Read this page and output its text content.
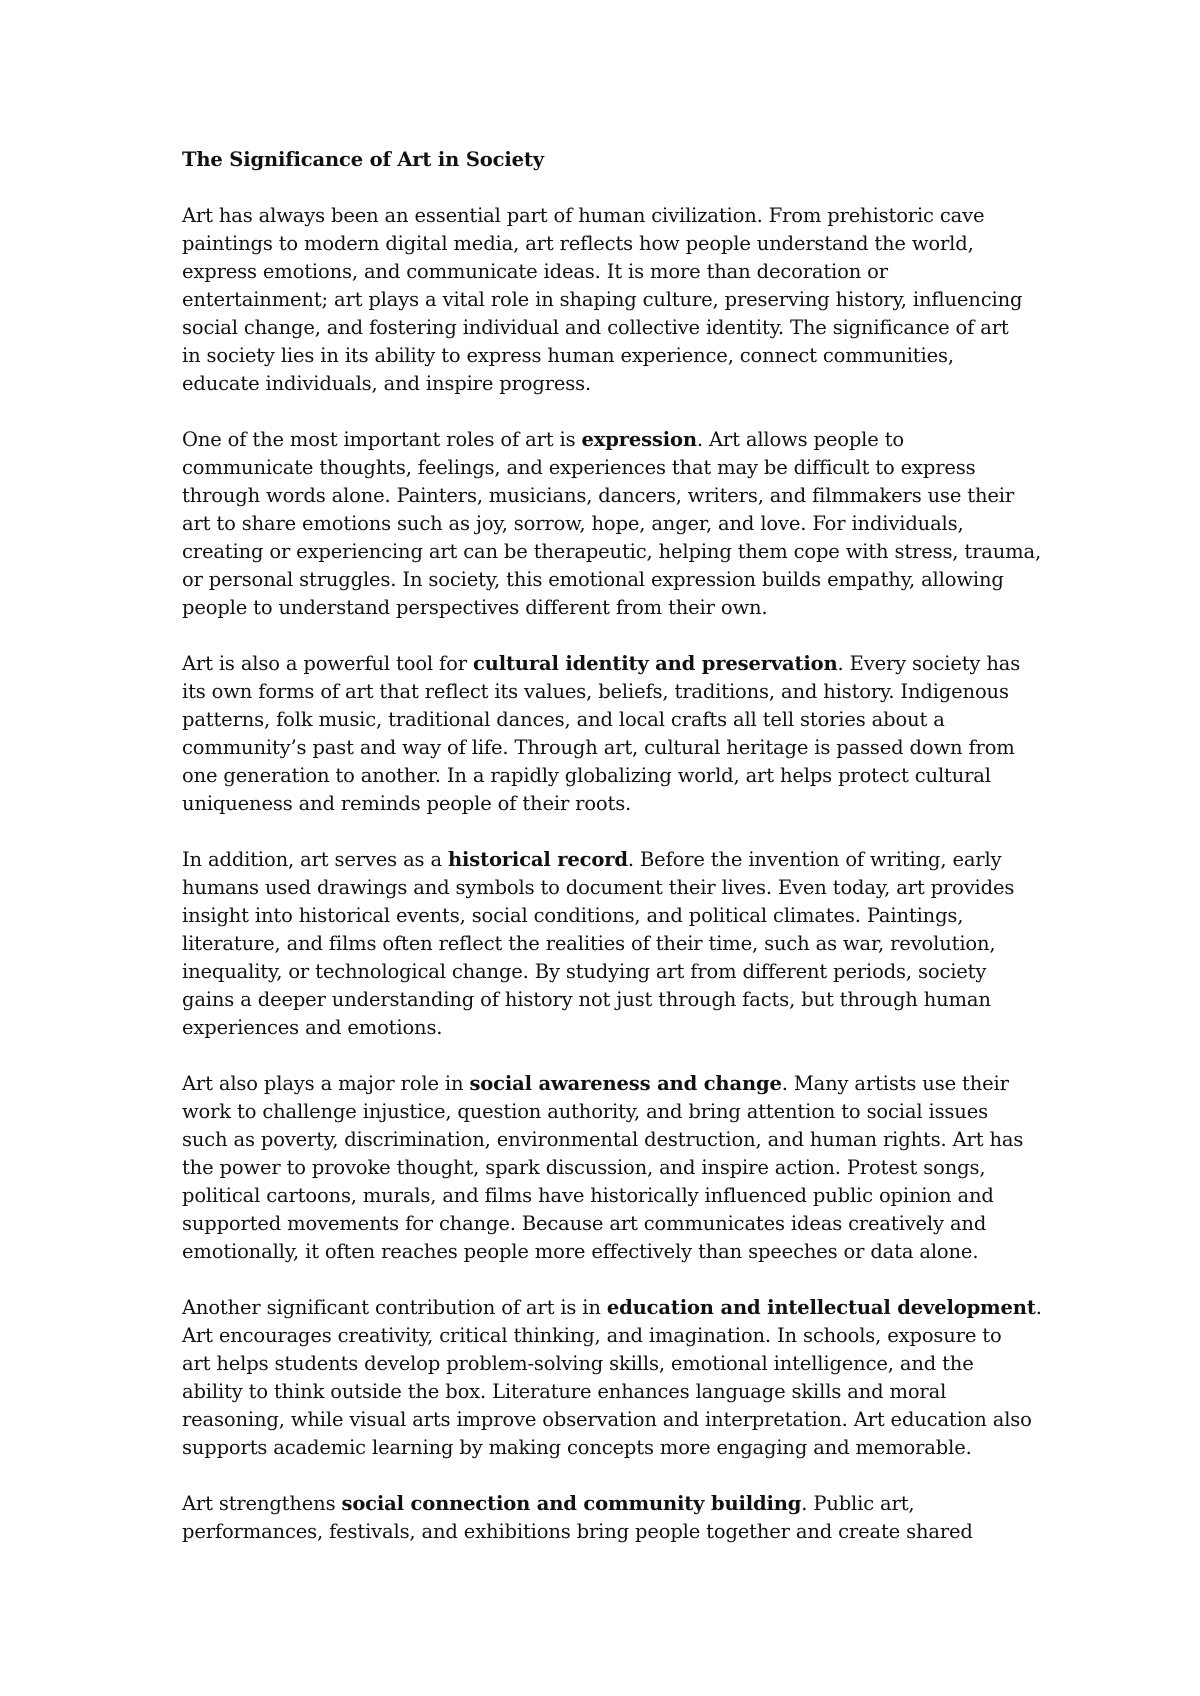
The Significance of Art in Society
Art has always been an essential part of human civilization. From prehistoric cave
paintings to modern digital media, art reflects how people understand the world,
express emotions, and communicate ideas. It is more than decoration or
entertainment; art plays a vital role in shaping culture, preserving history, influencing
social change, and fostering individual and collective identity. The significance of art
in society lies in its ability to express human experience, connect communities,
educate individuals, and inspire progress.
One of the most important roles of art is expression. Art allows people to
communicate thoughts, feelings, and experiences that may be difficult to express
through words alone. Painters, musicians, dancers, writers, and filmmakers use their
art to share emotions such as joy, sorrow, hope, anger, and love. For individuals,
creating or experiencing art can be therapeutic, helping them cope with stress, trauma,
or personal struggles. In society, this emotional expression builds empathy, allowing
people to understand perspectives different from their own.
Art is also a powerful tool for cultural identity and preservation. Every society has
its own forms of art that reflect its values, beliefs, traditions, and history. Indigenous
patterns, folk music, traditional dances, and local crafts all tell stories about a
community’s past and way of life. Through art, cultural heritage is passed down from
one generation to another. In a rapidly globalizing world, art helps protect cultural
uniqueness and reminds people of their roots.
In addition, art serves as a historical record. Before the invention of writing, early
humans used drawings and symbols to document their lives. Even today, art provides
insight into historical events, social conditions, and political climates. Paintings,
literature, and films often reflect the realities of their time, such as war, revolution,
inequality, or technological change. By studying art from different periods, society
gains a deeper understanding of history not just through facts, but through human
experiences and emotions.
Art also plays a major role in social awareness and change. Many artists use their
work to challenge injustice, question authority, and bring attention to social issues
such as poverty, discrimination, environmental destruction, and human rights. Art has
the power to provoke thought, spark discussion, and inspire action. Protest songs,
political cartoons, murals, and films have historically influenced public opinion and
supported movements for change. Because art communicates ideas creatively and
emotionally, it often reaches people more effectively than speeches or data alone.
Another significant contribution of art is in education and intellectual development.
Art encourages creativity, critical thinking, and imagination. In schools, exposure to
art helps students develop problem-solving skills, emotional intelligence, and the
ability to think outside the box. Literature enhances language skills and moral
reasoning, while visual arts improve observation and interpretation. Art education also
supports academic learning by making concepts more engaging and memorable.
Art strengthens social connection and community building. Public art,
performances, festivals, and exhibitions bring people together and create shared
